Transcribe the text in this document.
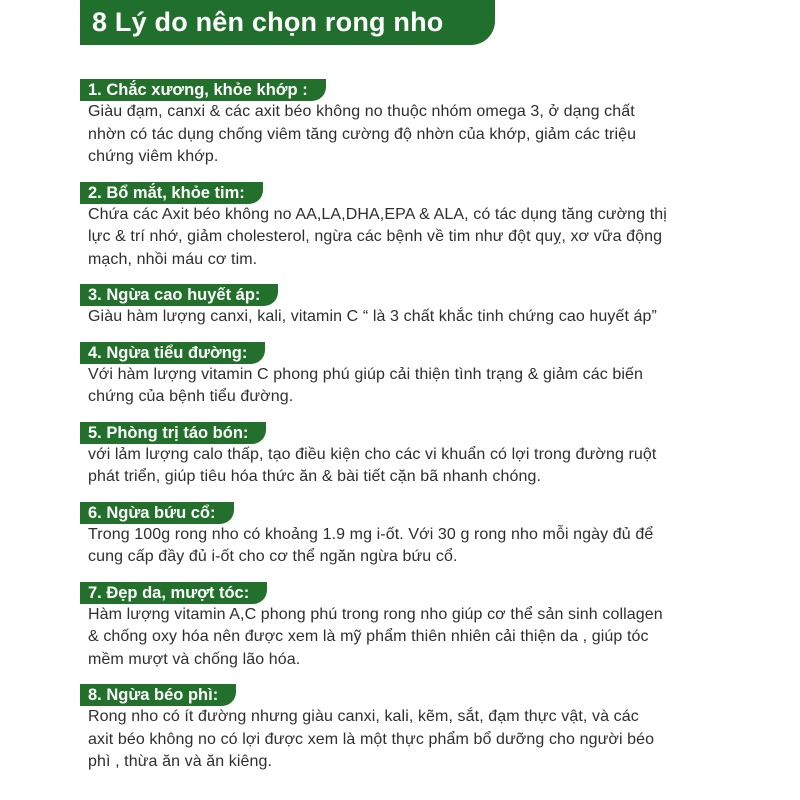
8 Lý do nên chọn rong nho
1. Chắc xương, khỏe khớp :

Giàu đạm, canxi & các axit béo không no thuộc nhóm omega 3, ở dạng chất
nhờn có tác dụng chống viêm tăng cường độ nhờn của khớp, giảm các triệu
chứng viêm khớp.

2. Bổ mắt, khỏe tim:

Chứa các Axit béo không no AA,LA,DHA,EPA & ALA, có tác dụng tăng cường thị
lực & trí nhớ, giảm cholesterol, ngừa các bệnh về tim như đột quỵ, xơ vữa động
mạch, nhồi máu cơ tim.

3. Ngừa cao huyết áp:

Giàu hàm lượng canxi, kali, vitamin C “ là 3 chất khắc tinh chứng cao huyết áp”

4. Ngừa tiểu đường:

Với hàm lượng vitamin C phong phú giúp cải thiện tình trạng & giảm các biến
chứng của bệnh tiểu đường.

5. Phòng trị táo bón:

với lảm lượng calo thấp, tạo điều kiện cho các vi khuẩn có lợi trong đường ruột
phát triển, giúp tiêu hóa thức ăn & bài tiết cặn bã nhanh chóng.

6. Ngừa bứu cổ:

Trong 100g rong nho có khoảng 1.9 mg i-ốt. Với 30 g rong nho mỗi ngày đủ để
cung cấp đầy đủ i-ốt cho cơ thể ngăn ngừa bứu cổ.

7. Đẹp da, mượt tóc:

Hàm lượng vitamin A,C phong phú trong rong nho giúp cơ thể sản sinh collagen
& chống oxy hóa nên được xem là mỹ phẩm thiên nhiên cải thiện da , giúp tóc
mềm mượt và chống lão hóa.

8. Ngừa béo phì:

Rong nho có ít đường nhưng giàu canxi, kali, kẽm, sắt, đạm thực vật, và các
axit béo không no có lợi được xem là một thực phẩm bổ dưỡng cho người béo
phì , thừa ăn và ăn kiêng.
